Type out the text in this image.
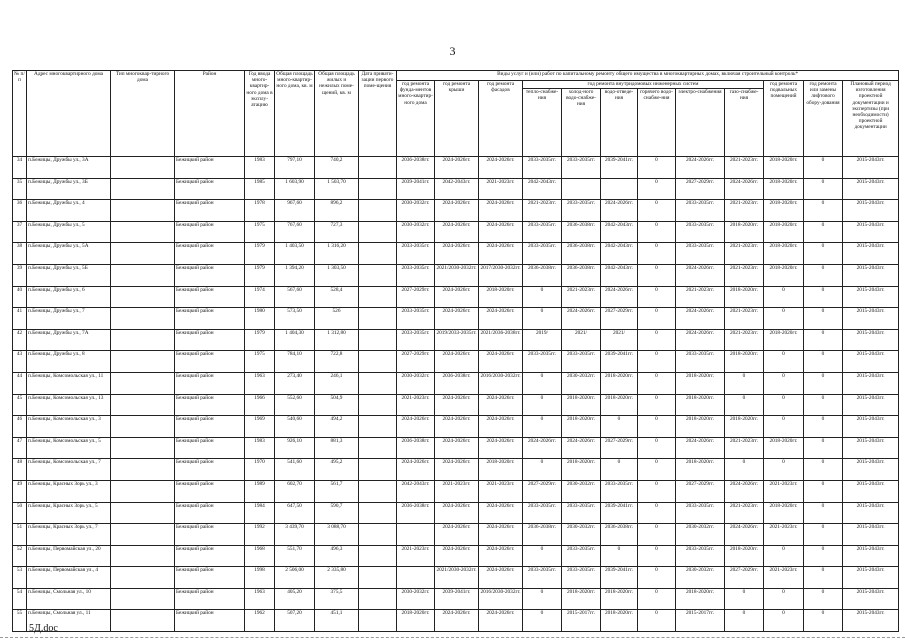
3
№ п/п	Адрес многоквартирного дома	Тип многоквар-тирного дома	Район	Год ввода много-квартир-ного дома в эксплу-атацию	Общая площадь много-квартир-ного дома, кв. м	Общая площадь жилых и нежилых поме-щений, кв. м	Дата привати-зации первого поме-щения	Виды услуг и (или) работ по капитальному ремонту общего имущества в многоквартирных домах, включая строительный контроль*											
								год ремонта фунда-ментов много-квартир-ного дома	год ремонта крыши	год ремонта фасадов	год ремонта внутридомовых инженерных систем						год ремонта подвальных помещений	год ремонта или замены лифтового обору-дования	Плановый период изготовления проектной документации и экспертизы (при необходимости) проектной документации
											тепло-снабже-ния	холод-ного водо-снабже-ния	водо-отведе-ния	горячего водо-снабже-ния	электро-снабжения	газо-снабже-ния			
34	п.Бежицы, Дружбы ул., 3А		Бежицкий район	1983	797,10	740,2		2036-2038гг.	2024-2026гг.	2024-2026гг.	2033-2035гг.	2033-2035гг.	2039-2041гг.	0	2024-2026гг.	2021-2023гг.	2018-2020гг.	0	2015-2043гг.
35	п.Бежицы, Дружбы ул., 3Б		Бежицкий район	1985	1 603,90	1 503,70		2039-2041гг.	2042-2043гг.	2021-2023гг.	2042-2043гг.			0	2027-2029гг.	2024-2026гг.	2018-2020гг.	0	2015-2043гг.
36	п.Бежицы, Дружбы ул., 4		Бежицкий район	1978	967,60	896,2		2030-2032гг.	2024-2026гг.	2024-2026гг.	2021-2023гг.	2033-2035гг.	2024-2026гг.	0	2033-2035гг.	2021-2023гг.	2018-2020гг.	0	2015-2043гг.
37	п.Бежицы, Дружбы ул., 5		Бежицкий район	1975	767,60	727,3		2030-2032гг.	2024-2026гг.	2024-2026гг.	2033-2035гг.	2036-2038гг.	2042-2043гг.	0	2033-2035гг.	2018-2020гг.	2018-2020гг.	0	2015-2043гг.
38	п.Бежицы, Дружбы ул., 5А		Бежицкий район	1979	1 403,50	1 316,20		2033-2035гг.	2024-2026гг.	2024-2026гг.	2033-2035гг.	2036-2038гг.	2042-2043гг.	0	2033-2035гг.	2021-2023гг.	2018-2020гг.	0	2015-2043гг.
39	п.Бежицы, Дружбы ул., 5Б		Бежицкий район	1979	1 394,20	1 303,50		2033-2035гг.	2021/2030-2032гг.	2017/2030-2032гг.	2036-2038гг.	2036-2038гг.	2042-2043гг.	0	2024-2026гг.	2021-2023гг.	2018-2020гг.	0	2015-2043гг.
40	п.Бежицы, Дружбы ул., 6		Бежицкий район	1974	567,60	528,4		2027-2029гг.	2024-2026гг.	2018-2020гг.	0	2021-2023гг.	2024-2026гг.	0	2021-2023гг.	2018-2020гг.	0	0	2015-2043гг.
41	п.Бежицы, Дружбы ул., 7		Бежицкий район	1980	573,50	526		2033-2035гг.	2024-2026гг.	2024-2026гг.	0	2024-2026гг.	2027-2029гг.	0	2024-2026гг.	2021-2023гг.	0	0	2015-2043гг.
42	п.Бежицы, Дружбы ул., 7А		Бежицкий район	1979	1 404,30	1 312,80		2033-2035гг.	2019/2033-2035гг.	2021/2036-2038гг.	2019/	2021/	2021/	0	2024-2026гг.	2021-2023гг.	2018-2020гг.	0	2015-2043гг.
43	п.Бежицы, Дружбы ул., 8		Бежицкий район	1975	784,10	722,8		2027-2029гг.	2024-2026гг.	2024-2026гг.	2033-2035гг.	2033-2035гг.	2039-2041гг.	0	2033-2035гг.	2018-2020гг.	0	0	2015-2043гг.
44	п.Бежицы, Комсомольская ул., 11		Бежицкий район	1963	273,40	246,1		2030-2032гг.	2036-2038гг.	2016/2030-2032гг.	0	2030-2032гг.	2018-2020гг.	0	2018-2020гг.	0	0	0	2015-2043гг.
45	п.Бежицы, Комсомольская ул., 13		Бежицкий район	1966	552,60	504,9		2021-2023гг.	2024-2026гг.	2024-2026гг.	0	2018-2020гг.	2018-2020гг.	0	2018-2020гг.	0	0	0	2015-2043гг.
46	п.Бежицы, Комсомольская ул., 3		Бежицкий район	1969	540,60	494,2		2024-2026гг.	2024-2026гг.	2024-2026гг.	0	2018-2020гг.	0	0	2018-2020гг.	2018-2020гг.	0	0	2015-2043гг.
47	п.Бежицы, Комсомольская ул., 5		Бежицкий район	1983	926,10	881,3		2036-2038гг.	2024-2026гг.	2024-2026гг.	2024-2026гг.	2024-2026гг.	2027-2029гг.	0	2024-2026гг.	2021-2023гг.	2018-2020гг.	0	2015-2043гг.
48	п.Бежицы, Комсомольская ул., 7		Бежицкий район	1970	541,60	495,2		2024-2026гг.	2024-2026гг.	2018-2020гг.	0	2018-2020гг.	0	0	2018-2020гг.	0	0	0	2015-2043гг.
49	п.Бежицы, Красных Зорь ул., 3		Бежицкий район	1989	602,70	561,7		2042-2043гг.	2021-2023гг.	2021-2023гг.	2027-2029гг.	2030-2032гг.	2033-2035гг.	0	2027-2029гг.	2024-2026гг.	2021-2023гг.	0	2015-2043гг.
50	п.Бежицы, Красных Зорь ул., 5		Бежицкий район	1984	647,50	590,7		2036-2038гг.	2024-2026гг.	2024-2026гг.	2033-2035гг.	2033-2035гг.	2039-2041гг.	0	2033-2035гг.	2021-2023гг.	2018-2020гг.	0	2015-2043гг.
51	п.Бежицы, Красных Зорь ул., 7		Бежицкий район	1992	3 439,70	3 088,70			2024-2026гг.	2024-2026гг.	2036-2038гг.	2030-2032гг.	2036-2038гг.	0	2030-2032гг.	2024-2026гг.	2021-2023гг.	0	2015-2043гг.
52	п.Бежицы, Первомайская ул., 20		Бежицкий район	1968	551,70	496,3		2021-2023гг.	2024-2026гг.	2024-2026гг.	0	2033-2035гг.	0	0	2033-2035гг.	2018-2020гг.	0	0	2015-2043гг.
53	п.Бежицы, Первомайская ул., 4		Бежицкий район	1998	2 506,00	2 335,80			2021/2030-2032гг.	2024-2026гг.	2033-2035гг.	2033-2035гг.	2039-2041гг.	0	2030-2032гг.	2027-2029гг.	2021-2023гг.	0	2015-2043гг.
54	п.Бежицы, Смольная ул., 10		Бежицкий район	1963	405,20	375,5		2030-2032гг.	2039-2041гг.	2016/2030-2032гг.	0	2018-2020гг.	2018-2020гг.	0	2018-2020гг.	0	0	0	2015-2043гг.
55	п.Бежицы, Смольная ул., 11		Бежицкий район	1962	507,20	451,1		2018-2020гг.	2024-2026гг.	2024-2026гг.	0	2015-2017гг.	2018-2020гг.	0	2015-2017гг.	0	0	0	2015-2043гг.
5Д.doc
